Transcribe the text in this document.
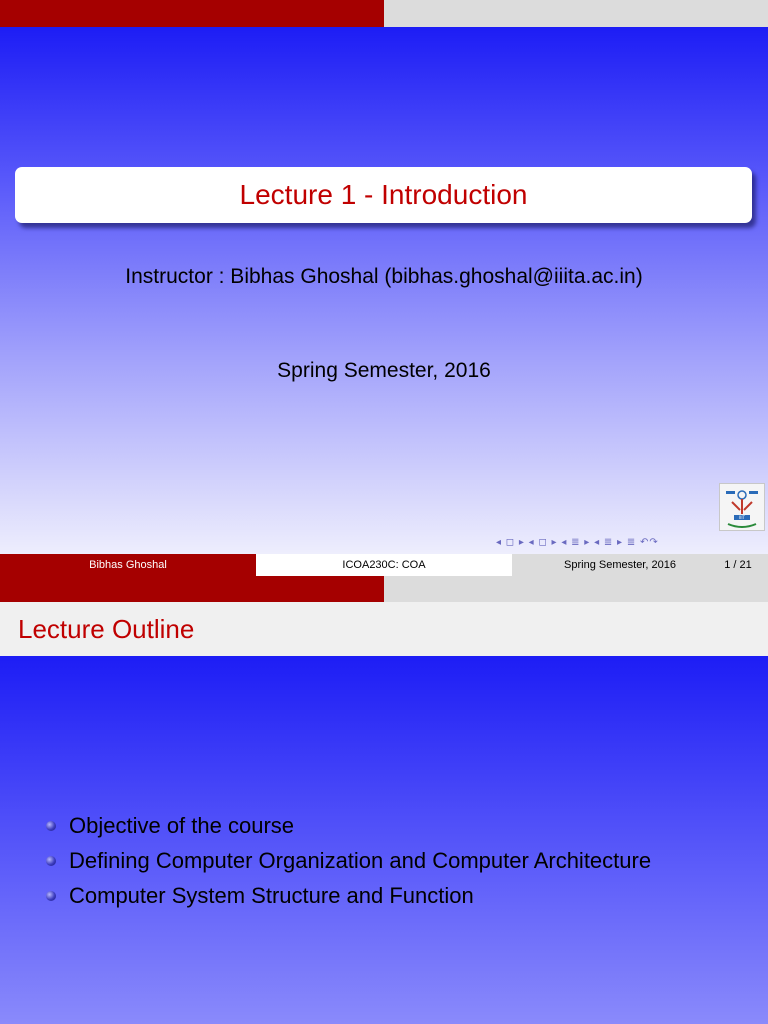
Lecture 1 - Introduction
Instructor : Bibhas Ghoshal (bibhas.ghoshal@iiita.ac.in)
Spring Semester, 2016
IIIT
◂ ◻ ▸ ◂ ◻ ▸ ◂ ≣ ▸ ◂ ≣ ▸ ≣ ↶↷
Bibhas Ghoshal	ICOA230C: COA	Spring Semester, 2016	1 / 21
Lecture Outline
Objective of the course
Defining Computer Organization and Computer Architecture
Computer System Structure and Function
